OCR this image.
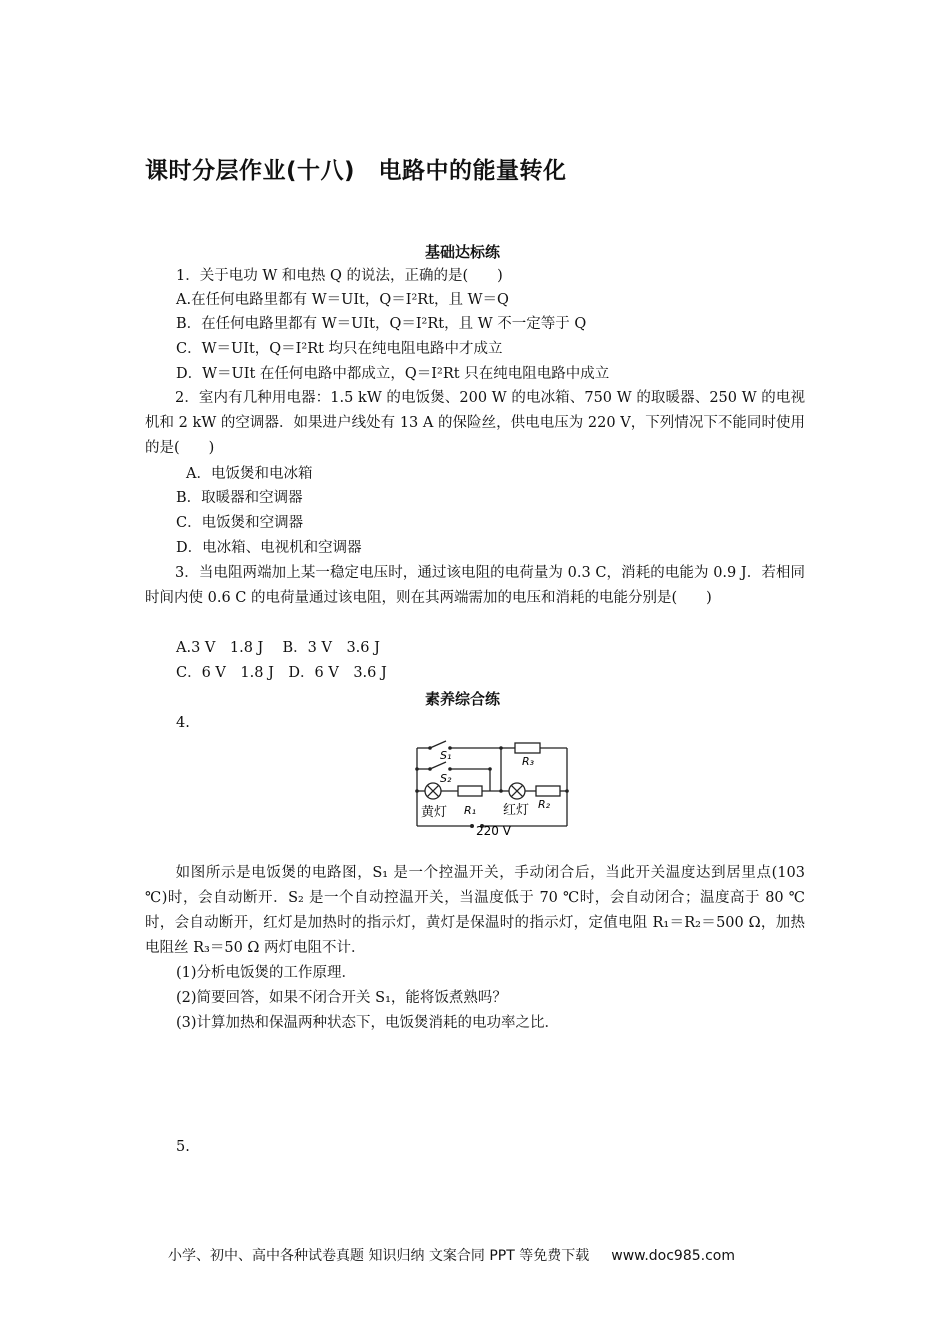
课时分层作业(十八)　电路中的能量转化
基础达标练
1．关于电功 W 和电热 Q 的说法，正确的是(　　)
A.在任何电路里都有 W＝UIt，Q＝I²Rt，且 W＝Q
B．在任何电路里都有 W＝UIt，Q＝I²Rt，且 W 不一定等于 Q
C．W＝UIt，Q＝I²Rt 均只在纯电阻电路中才成立
D．W＝UIt 在任何电路中都成立，Q＝I²Rt 只在纯电阻电路中成立
2．室内有几种用电器：1.5 kW 的电饭煲、200 W 的电冰箱、750 W 的取暖器、250 W 的电视机和 2 kW 的空调器．如果进户线处有 13 A 的保险丝，供电电压为 220 V，下列情况下不能同时使用的是(　　)
A．电饭煲和电冰箱
B．取暖器和空调器
C．电饭煲和空调器
D．电冰箱、电视机和空调器
3．当电阻两端加上某一稳定电压时，通过该电阻的电荷量为 0.3 C，消耗的电能为 0.9 J．若相同时间内使 0.6 C 的电荷量通过该电阻，则在其两端需加的电压和消耗的电能分别是(　　)
A.3 V　1.8 J　 B．3 V　3.6 J
C．6 V　1.8 J　D．6 V　3.6 J
素养综合练
4.
S₁
S₂
R₁	R₂
R₃
黄灯	红灯
220 V
如图所示是电饭煲的电路图，S₁ 是一个控温开关，手动闭合后，当此开关温度达到居里点(103 ℃)时，会自动断开．S₂ 是一个自动控温开关，当温度低于 70 ℃时，会自动闭合；温度高于 80 ℃时，会自动断开，红灯是加热时的指示灯，黄灯是保温时的指示灯，定值电阻 R₁＝R₂＝500 Ω，加热电阻丝 R₃＝50 Ω 两灯电阻不计．
(1)分析电饭煲的工作原理．
(2)简要回答，如果不闭合开关 S₁，能将饭煮熟吗？
(3)计算加热和保温两种状态下，电饭煲消耗的电功率之比．
5.
小学、初中、高中各种试卷真题 知识归纳 文案合同 PPT 等免费下载 www.doc985.com
